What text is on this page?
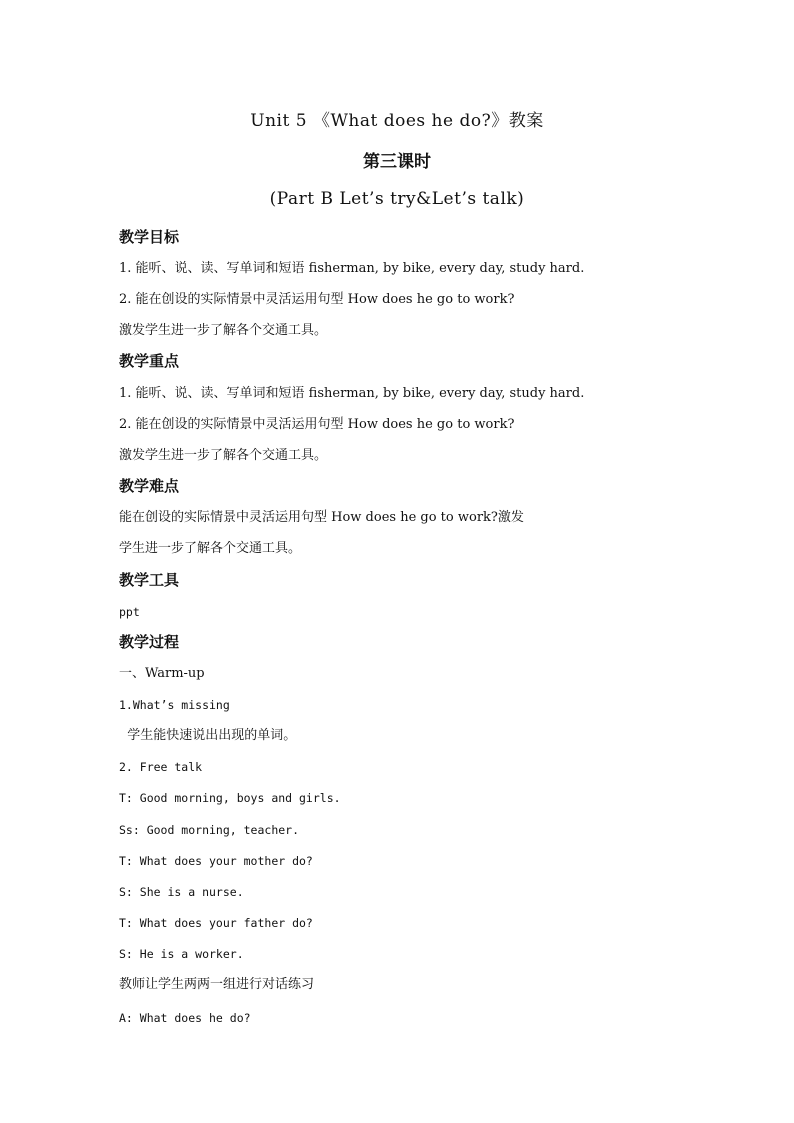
Unit 5 《What does he do?》教案
第三课时
(Part B Let’s try&Let’s talk)
教学目标
1. 能听、说、读、写单词和短语 fisherman, by bike, every day, study hard.
2. 能在创设的实际情景中灵活运用句型 How does he go to work?
激发学生进一步了解各个交通工具。
教学重点
1. 能听、说、读、写单词和短语 fisherman, by bike, every day, study hard.
2. 能在创设的实际情景中灵活运用句型 How does he go to work?
激发学生进一步了解各个交通工具。
教学难点
能在创设的实际情景中灵活运用句型 How does he go to work?激发
学生进一步了解各个交通工具。
教学工具
ppt
教学过程
一、Warm-up
1.What’s missing
学生能快速说出出现的单词。
2. Free talk
T: Good morning, boys and girls.
Ss: Good morning, teacher.
T: What does your mother do?
S: She is a nurse.
T: What does your father do?
S: He is a worker.
教师让学生两两一组进行对话练习
A: What does he do?
